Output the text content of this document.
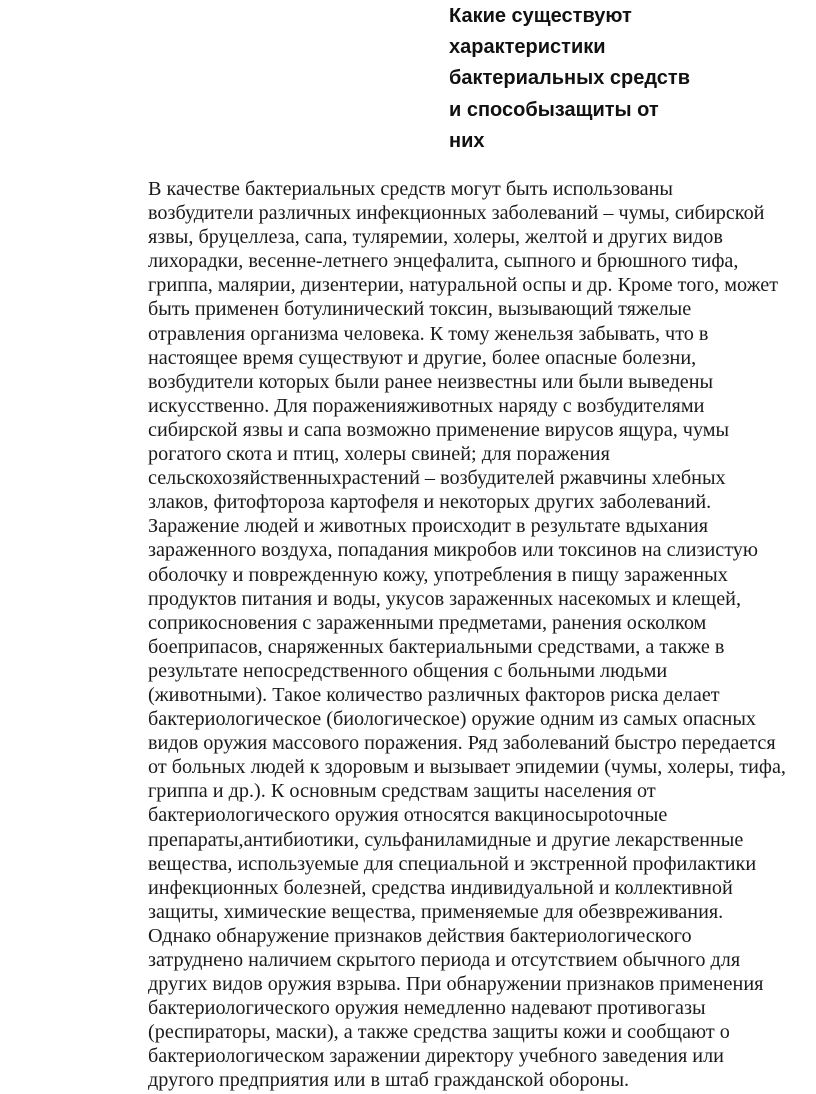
Какие существуют
характеристики
бактериальных средств
и способызащиты от
них
В качестве бактериальных средств могут быть использованы
возбудители различных инфекционных заболеваний – чумы, сибирской
язвы, бруцеллеза, сапа, туляремии, холеры, желтой и других видов
лихорадки, весенне-летнего энцефалита, сыпного и брюшного тифа,
гриппа, малярии, дизентерии, натуральной оспы и др. Кроме того, может
быть применен ботулинический токсин, вызывающий тяжелые
отравления организма человека. К тому женельзя забывать, что в
настоящее время существуют и другие, более опасные болезни,
возбудители которых были ранее неизвестны или были выведены
искусственно. Для пораженияживотных наряду с возбудителями
сибирской язвы и сапа возможно применение вирусов ящура, чумы
рогатого скота и птиц, холеры свиней; для поражения
сельскохозяйственныхрастений – возбудителей ржавчины хлебных
злаков, фитофтороза картофеля и некоторых других заболеваний.
Заражение людей и животных происходит в результате вдыхания
зараженного воздуха, попадания микробов или токсинов на слизистую
оболочку и поврежденную кожу, употребления в пищу зараженных
продуктов питания и воды, укусов зараженных насекомых и клещей,
соприкосновения с зараженными предметами, ранения осколком
боеприпасов, снаряженных бактериальными средствами, а также в
результате непосредственного общения с больными людьми
(животными). Такое количество различных факторов риска делает
бактериологическое (биологическое) оружие одним из самых опасных
видов оружия массового поражения. Ряд заболеваний быстро передается
от больных людей к здоровым и вызывает эпидемии (чумы, холеры, тифа,
гриппа и др.). К основным средствам защиты населения от
бактериологического оружия относятся вакциносыpotoчные
препараты,антибиотики, сульфаниламидные и другие лекарственные
вещества, используемые для специальной и экстренной профилактики
инфекционных болезней, средства индивидуальной и коллективной
защиты, химические вещества, применяемые для обезвреживания.
Однако обнаружение признаков действия бактериологического
затруднено наличием скрытого периода и отсутствием обычного для
других видов оружия взрыва. При обнаружении признаков применения
бактериологического оружия немедленно надевают противогазы
(респираторы, маски), а также средства защиты кожи и сообщают о
бактериологическом заражении директору учебного заведения или
другого предприятия или в штаб гражданской обороны.
